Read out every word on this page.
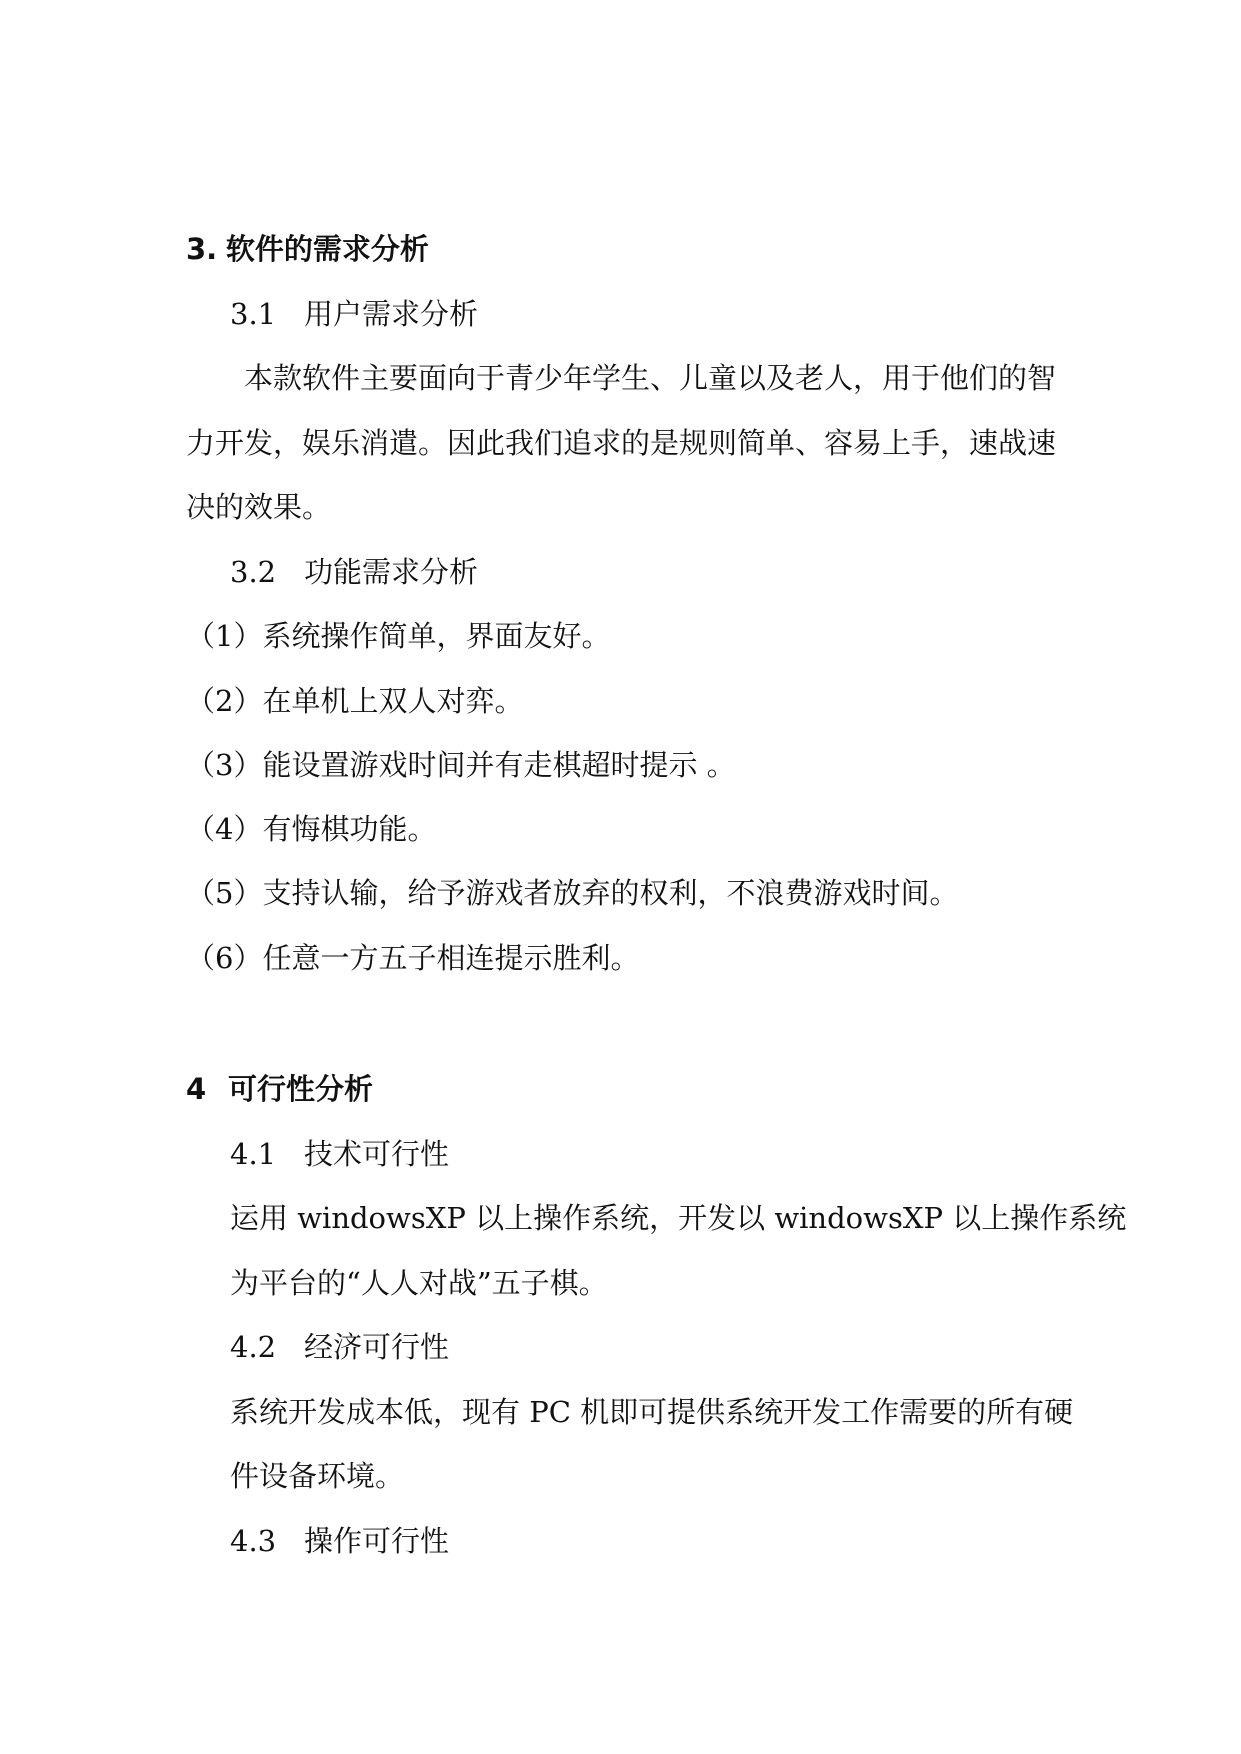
3. 软件的需求分析
3.1 用户需求分析
本款软件主要面向于青少年学生、儿童以及老人，用于他们的智
力开发，娱乐消遣。因此我们追求的是规则简单、容易上手，速战速
决的效果。
3.2 功能需求分析
（1）系统操作简单，界面友好。
（2）在单机上双人对弈。
（3）能设置游戏时间并有走棋超时提示 。
（4）有悔棋功能。
（5）支持认输，给予游戏者放弃的权利，不浪费游戏时间。
（6）任意一方五子相连提示胜利。
4 可行性分析
4.1 技术可行性
运用 windowsXP 以上操作系统，开发以 windowsXP 以上操作系统
为平台的“人人对战”五子棋。
4.2 经济可行性
系统开发成本低，现有 PC 机即可提供系统开发工作需要的所有硬
件设备环境。
4.3 操作可行性
